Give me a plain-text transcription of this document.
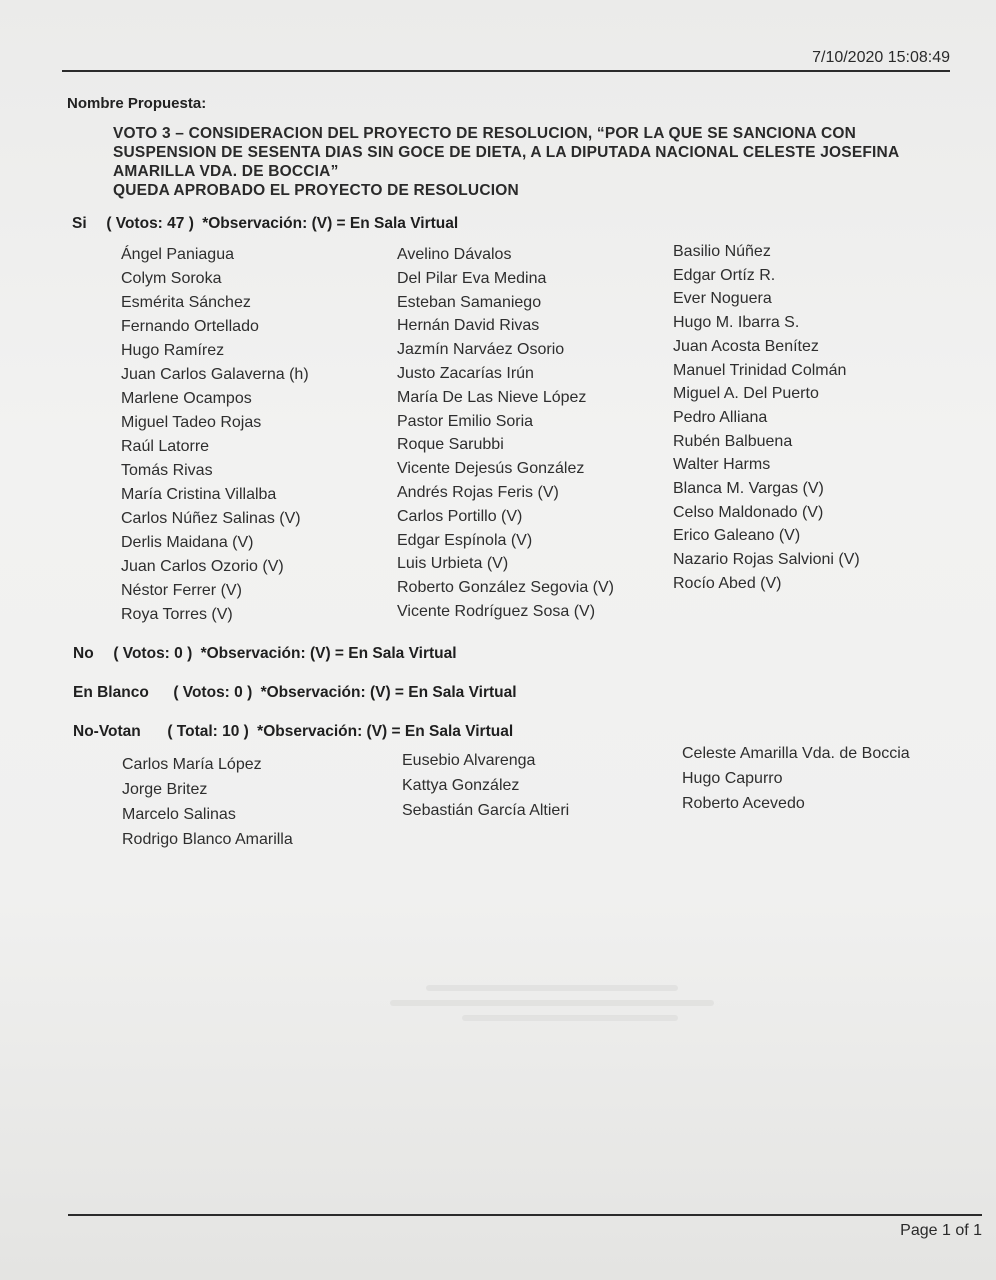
7/10/2020 15:08:49
Nombre Propuesta:
VOTO 3 – CONSIDERACION DEL PROYECTO DE RESOLUCION, “POR LA QUE SE SANCIONA CON
SUSPENSION DE SESENTA DIAS SIN GOCE DE DIETA, A LA DIPUTADA NACIONAL CELESTE JOSEFINA
AMARILLA VDA. DE BOCCIA”
QUEDA APROBADO EL PROYECTO DE RESOLUCION
Si ( Votos: 47 ) *Observación: (V) = En Sala Virtual
Ángel Paniagua
Colym Soroka
Esmérita Sánchez
Fernando Ortellado
Hugo Ramírez
Juan Carlos Galaverna (h)
Marlene Ocampos
Miguel Tadeo Rojas
Raúl Latorre
Tomás Rivas
María Cristina Villalba
Carlos Núñez Salinas (V)
Derlis Maidana (V)
Juan Carlos Ozorio (V)
Néstor Ferrer (V)
Roya Torres (V)
Avelino Dávalos
Del Pilar Eva Medina
Esteban Samaniego
Hernán David Rivas
Jazmín Narváez Osorio
Justo Zacarías Irún
María De Las Nieve López
Pastor Emilio Soria
Roque Sarubbi
Vicente Dejesús González
Andrés Rojas Feris (V)
Carlos Portillo (V)
Edgar Espínola (V)
Luis Urbieta (V)
Roberto González Segovia (V)
Vicente Rodríguez Sosa (V)
Basilio Núñez
Edgar Ortíz R.
Ever Noguera
Hugo M. Ibarra S.
Juan Acosta Benítez
Manuel Trinidad Colmán
Miguel A. Del Puerto
Pedro Alliana
Rubén Balbuena
Walter Harms
Blanca M. Vargas (V)
Celso Maldonado (V)
Erico Galeano (V)
Nazario Rojas Salvioni (V)
Rocío Abed (V)
No ( Votos: 0 ) *Observación: (V) = En Sala Virtual
En Blanco ( Votos: 0 ) *Observación: (V) = En Sala Virtual
No-Votan ( Total: 10 ) *Observación: (V) = En Sala Virtual
Carlos María López
Jorge Britez
Marcelo Salinas
Rodrigo Blanco Amarilla
Eusebio Alvarenga
Kattya González
Sebastián García Altieri
Celeste Amarilla Vda. de Boccia
Hugo Capurro
Roberto Acevedo
Page 1 of 1
